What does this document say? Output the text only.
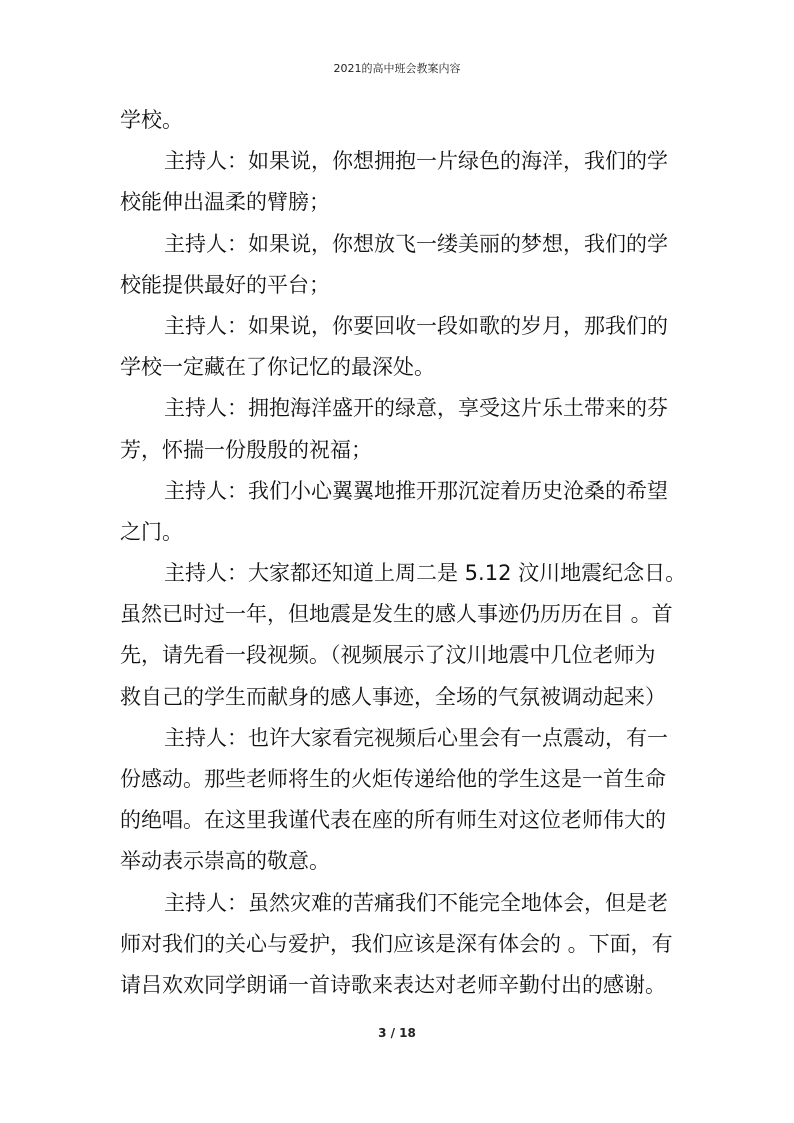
2021的高中班会教案内容
学校。
主持人：如果说，你想拥抱一片绿色的海洋，我们的学
校能伸出温柔的臂膀；
主持人：如果说，你想放飞一缕美丽的梦想，我们的学
校能提供最好的平台；
主持人：如果说，你要回收一段如歌的岁月，那我们的
学校一定藏在了你记忆的最深处。
主持人：拥抱海洋盛开的绿意，享受这片乐土带来的芬
芳，怀揣一份殷殷的祝福；
主持人：我们小心翼翼地推开那沉淀着历史沧桑的希望
之门。
主持人：大家都还知道上周二是 5.12 汶川地震纪念日。
虽然已时过一年，但地震是发生的感人事迹仍历历在目 。首
先，请先看一段视频。（视频展示了汶川地震中几位老师为
救自己的学生而献身的感人事迹，全场的气氛被调动起来）
主持人：也许大家看完视频后心里会有一点震动，有一
份感动。那些老师将生的火炬传递给他的学生这是一首生命
的绝唱。在这里我谨代表在座的所有师生对这位老师伟大的
举动表示崇高的敬意。
主持人：虽然灾难的苦痛我们不能完全地体会，但是老
师对我们的关心与爱护，我们应该是深有体会的 。下面，有
请吕欢欢同学朗诵一首诗歌来表达对老师辛勤付出的感谢。
3 / 18
